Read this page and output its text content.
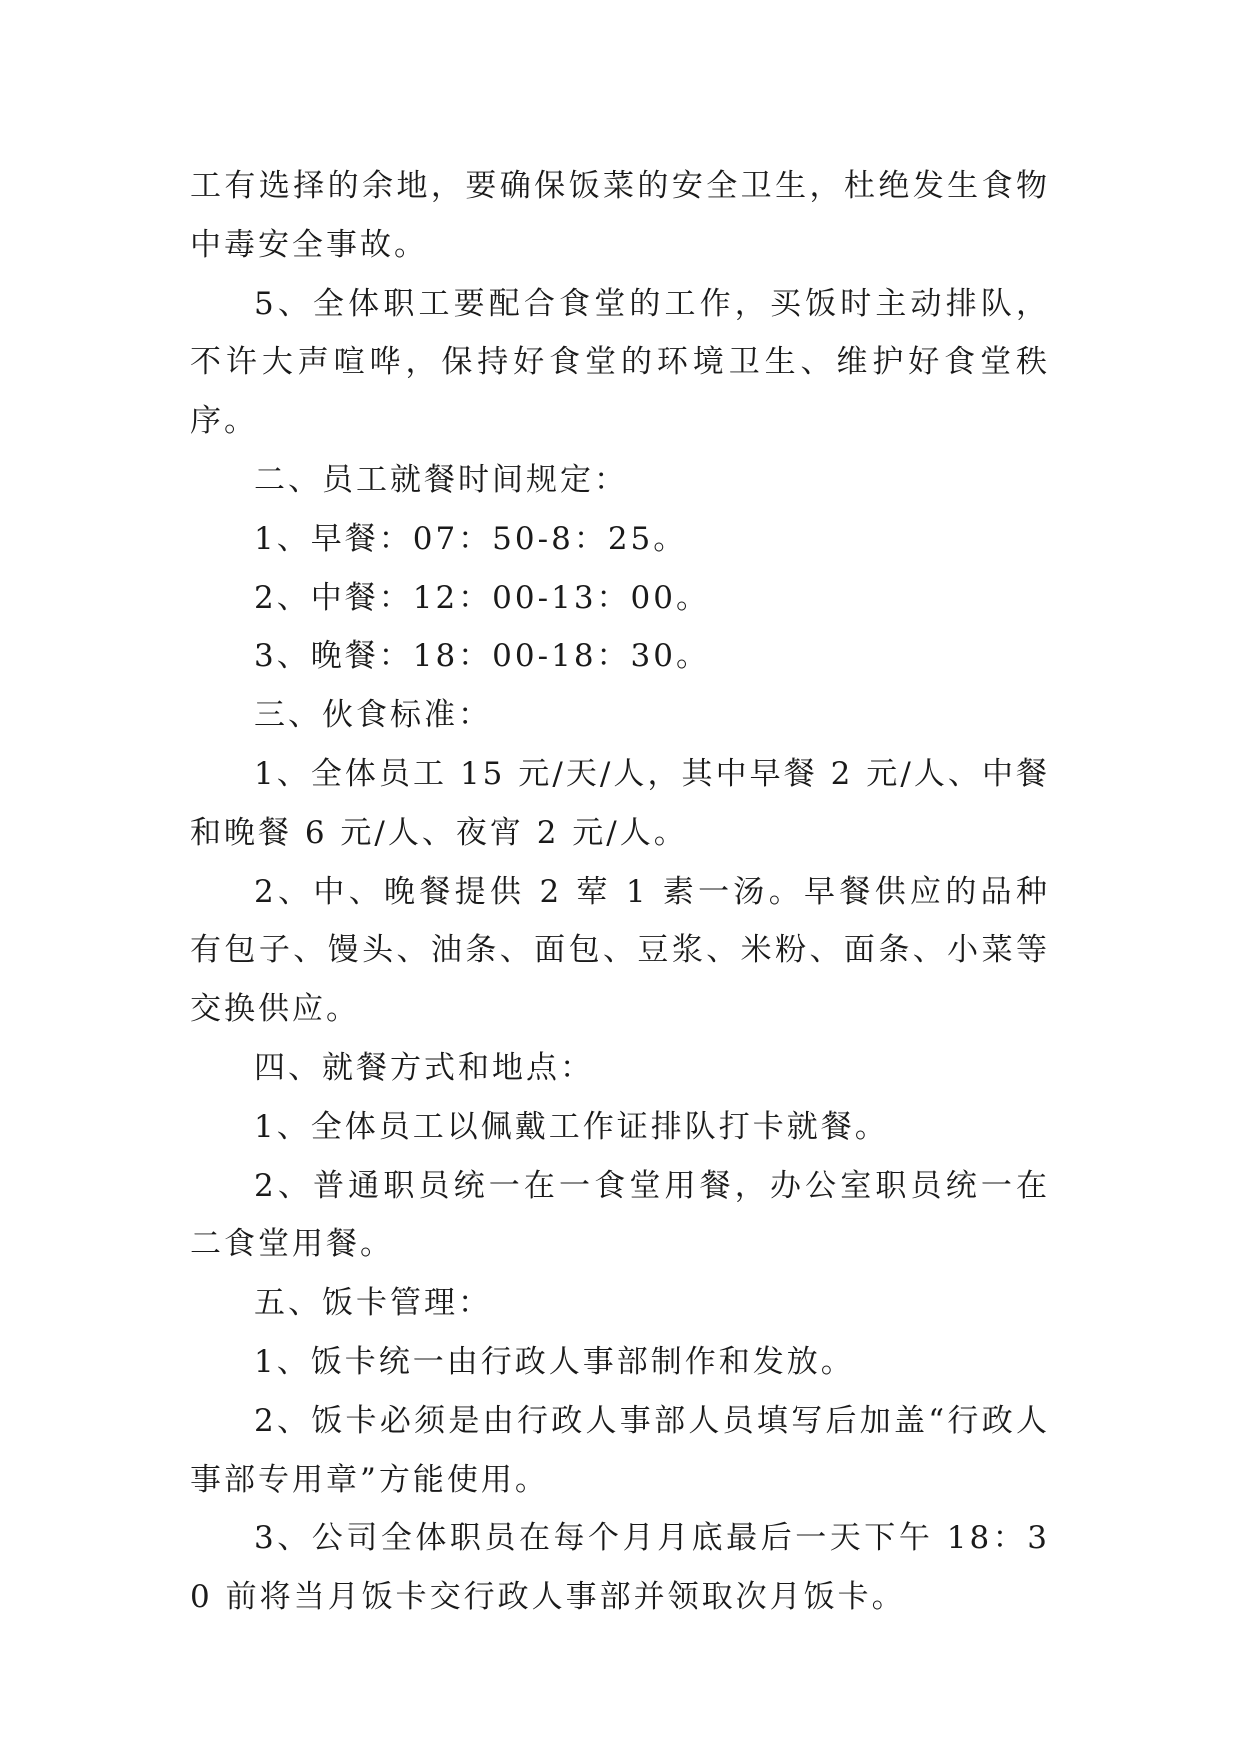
工有选择的余地，要确保饭菜的安全卫生，杜绝发生食物中毒安全事故。

5、全体职工要配合食堂的工作，买饭时主动排队，不许大声喧哗，保持好食堂的环境卫生、维护好食堂秩序。

二、员工就餐时间规定：

1、早餐：07：50-8：25。

2、中餐：12：00-13：00。

3、晚餐：18：00-18：30。

三、伙食标准：

1、全体员工 15 元/天/人，其中早餐 2 元/人、中餐和晚餐 6 元/人、夜宵 2 元/人。

2、中、晚餐提供 2 荤 1 素一汤。早餐供应的品种有包子、馒头、油条、面包、豆浆、米粉、面条、小菜等交换供应。

四、就餐方式和地点：

1、全体员工以佩戴工作证排队打卡就餐。

2、普通职员统一在一食堂用餐，办公室职员统一在二食堂用餐。

五、饭卡管理：

1、饭卡统一由行政人事部制作和发放。

2、饭卡必须是由行政人事部人员填写后加盖“行政人事部专用章”方能使用。

3、公司全体职员在每个月月底最后一天下午 18：30 前将当月饭卡交行政人事部并领取次月饭卡。
